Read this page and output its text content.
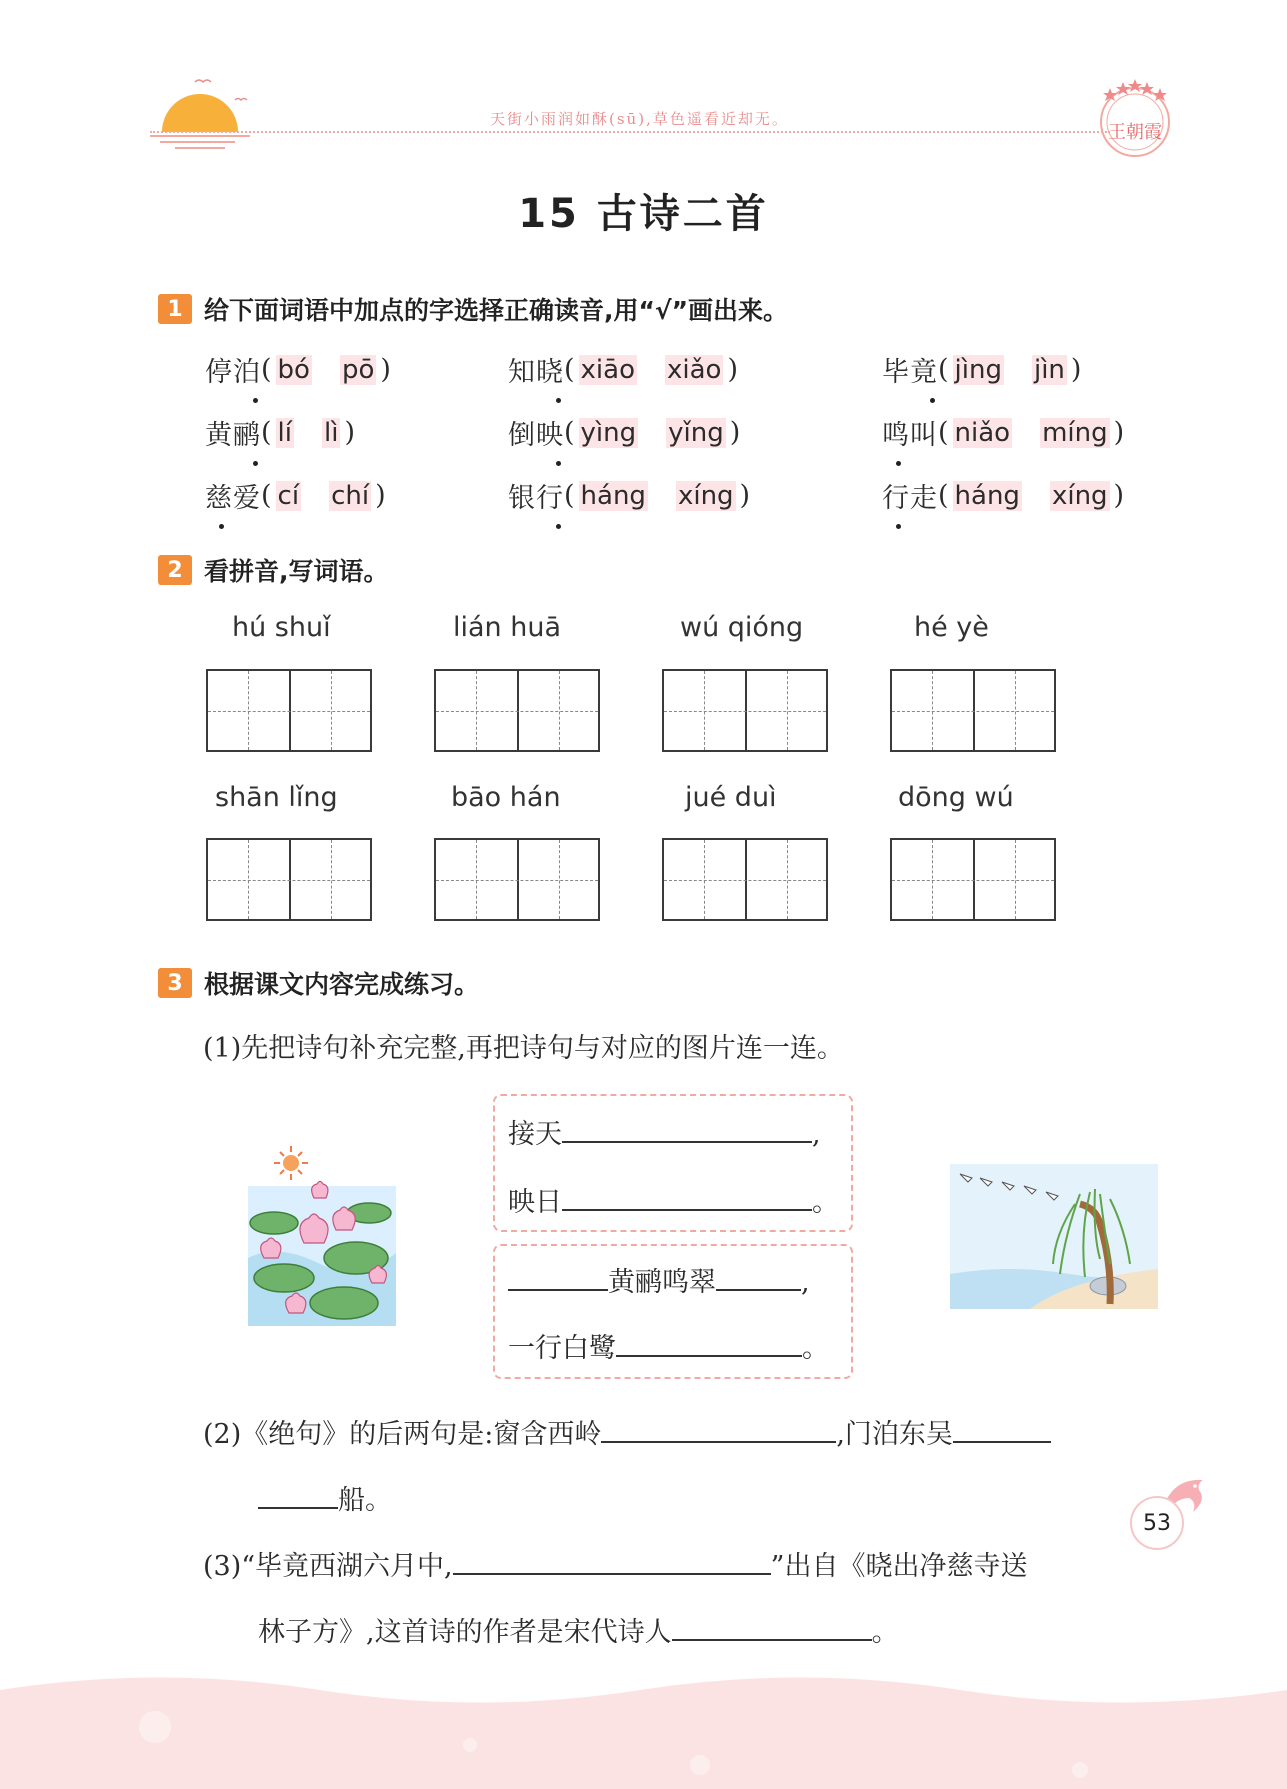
天街小雨润如酥(sū),草色遥看近却无。
王朝霞
15 古诗二首
1 给下面词语中加点的字选择正确读音,用“√”画出来。
停泊 ( bó pō )	知晓 ( xiāo xiǎo )	毕竟 ( jìng jìn )
黄鹂 ( lí lì )	倒映 ( yìng yǐng )	鸣叫 ( niǎo míng )
慈爱 ( cí chí )	银行 ( háng xíng )	行走 ( háng xíng )
2 看拼音,写词语。
hú shuǐ	lián huā	wú qióng	hé yè
shān lǐng	bāo hán	jué duì	dōng wú
3 根据课文内容完成练习。
(1)先把诗句补充完整,再把诗句与对应的图片连一连。
接天	,
映日	。
黄鹂鸣翠	,
一行白鹭	。
(2)《绝句》的后两句是:窗含西岭	,门泊东吴
船。
(3)“毕竟西湖六月中,	”出自《晓出净慈寺送
林子方》,这首诗的作者是宋代诗人	。
53
